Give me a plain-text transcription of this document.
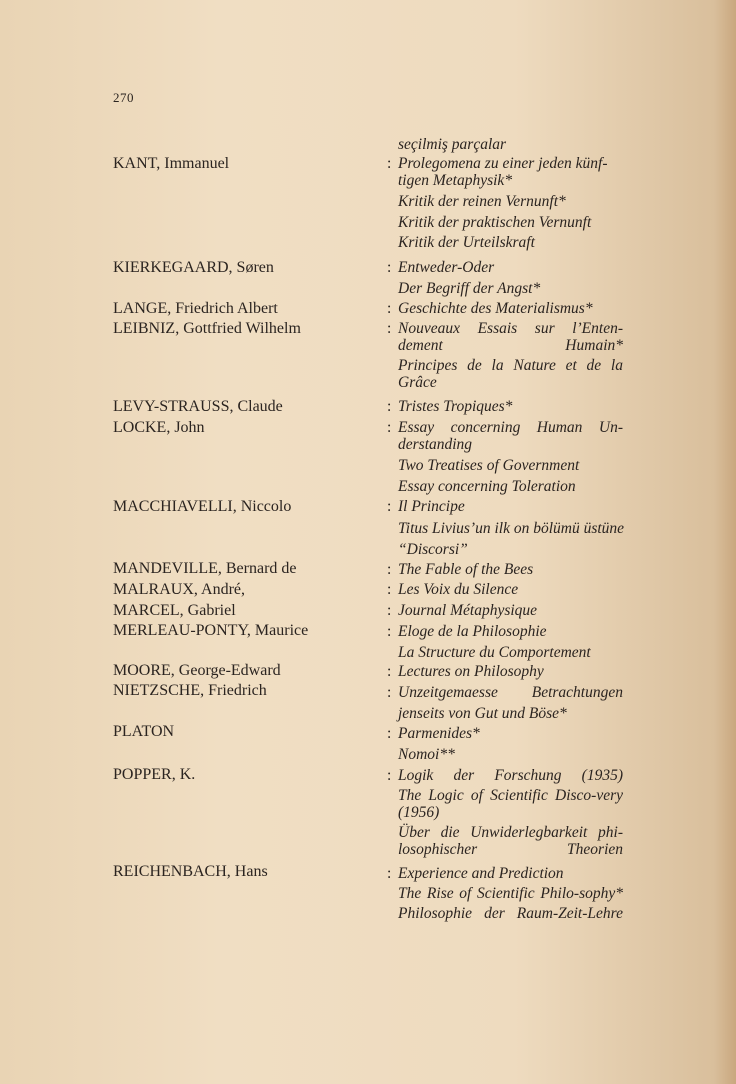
270
seçilmiş parçalar
KANT, Immanuel	: Prolegomena zu einer jeden künf-tigen Metaphysik*
Kritik der reinen Vernunft*
Kritik der praktischen Vernunft
Kritik der Urteilskraft
KIERKEGAARD, Søren	: Entweder-Oder
Der Begriff der Angst*
LANGE, Friedrich Albert	: Geschichte des Materialismus*
LEIBNIZ, Gottfried Wilhelm	: Nouveaux Essais sur l’Enten-dement Humain*
Principes de la Nature et de la Grâce
LEVY-STRAUSS, Claude	: Tristes Tropiques*
LOCKE, John	: Essay concerning Human Un-derstanding
Two Treatises of Government
Essay concerning Toleration
MACCHIAVELLI, Niccolo	: Il Principe
Titus Livius’un ilk on bölümü üstüne “Discorsi”
MANDEVILLE, Bernard de	: The Fable of the Bees
MALRAUX, André,	: Les Voix du Silence
MARCEL, Gabriel	: Journal Métaphysique
MERLEAU-PONTY, Maurice	: Eloge de la Philosophie
La Structure du Comportement
MOORE, George-Edward	: Lectures on Philosophy
NIETZSCHE, Friedrich	: Unzeitgemaesse Betrachtungen
jenseits von Gut und Böse*
PLATON	: Parmenides*
Nomoi**
POPPER, K.	: Logik der Forschung (1935)
The Logic of Scientific Disco-very (1956)
Über die Unwiderlegbarkeit phi-losophischer Theorien
REICHENBACH, Hans	: Experience and Prediction
The Rise of Scientific Philo-sophy*
Philosophie der Raum-Zeit-Lehre
